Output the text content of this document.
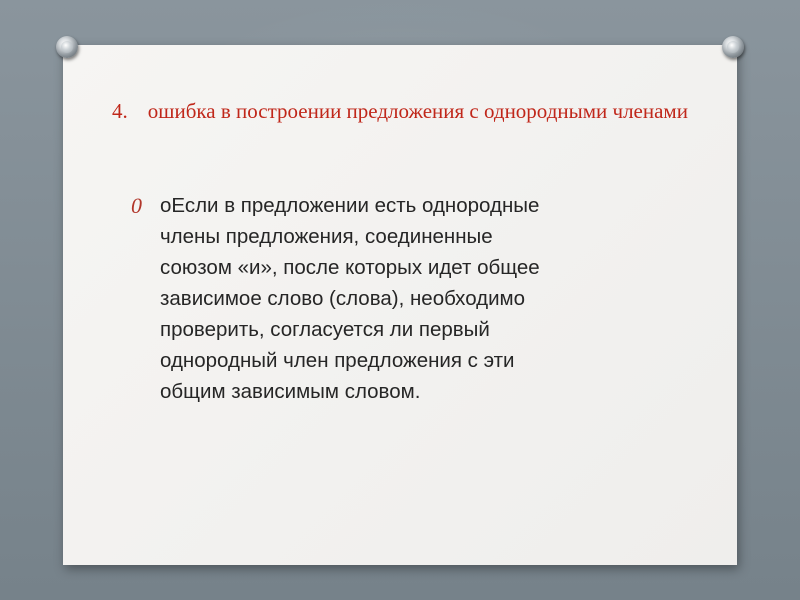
4. ошибка в построении предложения с однородными членами
0 оЕсли в предложении есть однородные
члены предложения, соединенные
союзом «и», после которых идет общее
зависимое слово (слова), необходимо
проверить, согласуется ли первый
однородный член предложения с эти
общим зависимым словом.
